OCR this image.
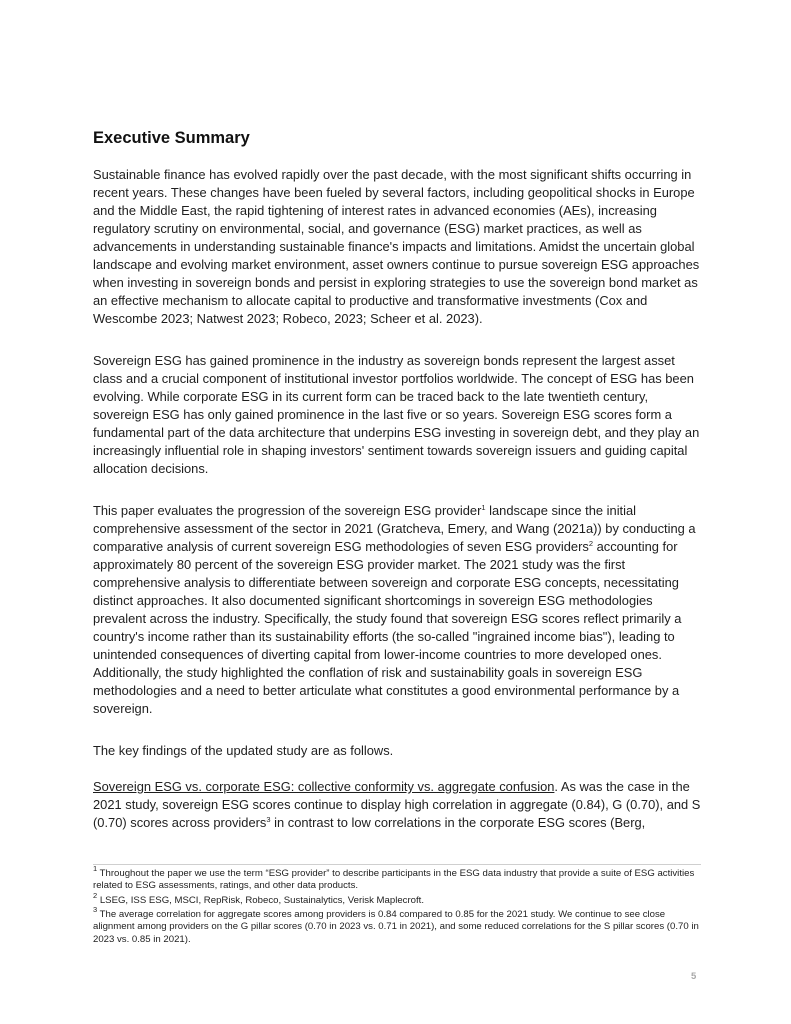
Executive Summary

Sustainable finance has evolved rapidly over the past decade, with the most significant shifts occurring in recent years. These changes have been fueled by several factors, including geopolitical shocks in Europe and the Middle East, the rapid tightening of interest rates in advanced economies (AEs), increasing regulatory scrutiny on environmental, social, and governance (ESG) market practices, as well as advancements in understanding sustainable finance's impacts and limitations. Amidst the uncertain global landscape and evolving market environment, asset owners continue to pursue sovereign ESG approaches when investing in sovereign bonds and persist in exploring strategies to use the sovereign bond market as an effective mechanism to allocate capital to productive and transformative investments (Cox and Wescombe 2023; Natwest 2023; Robeco, 2023; Scheer et al. 2023).

Sovereign ESG has gained prominence in the industry as sovereign bonds represent the largest asset class and a crucial component of institutional investor portfolios worldwide. The concept of ESG has been evolving. While corporate ESG in its current form can be traced back to the late twentieth century, sovereign ESG has only gained prominence in the last five or so years. Sovereign ESG scores form a fundamental part of the data architecture that underpins ESG investing in sovereign debt, and they play an increasingly influential role in shaping investors' sentiment towards sovereign issuers and guiding capital allocation decisions.

This paper evaluates the progression of the sovereign ESG provider$^1$ landscape since the initial comprehensive assessment of the sector in 2021 (Gratcheva, Emery, and Wang (2021a)) by conducting a comparative analysis of current sovereign ESG methodologies of seven ESG providers$^2$ accounting for approximately 80 percent of the sovereign ESG provider market. The 2021 study was the first comprehensive analysis to differentiate between sovereign and corporate ESG concepts, necessitating distinct approaches. It also documented significant shortcomings in sovereign ESG methodologies prevalent across the industry. Specifically, the study found that sovereign ESG scores reflect primarily a country's income rather than its sustainability efforts (the so-called "ingrained income bias"), leading to unintended consequences of diverting capital from lower-income countries to more developed ones. Additionally, the study highlighted the conflation of risk and sustainability goals in sovereign ESG methodologies and a need to better articulate what constitutes a good environmental performance by a sovereign.

The key findings of the updated study are as follows.

Sovereign ESG vs. corporate ESG: collective conformity vs. aggregate confusion. As was the case in the 2021 study, sovereign ESG scores continue to display high correlation in aggregate (0.84), G (0.70), and S (0.70) scores across providers$^3$ in contrast to low correlations in the corporate ESG scores (Berg,

$^1$ Throughout the paper we use the term “ESG provider” to describe participants in the ESG data industry that provide a suite of ESG activities related to ESG assessments, ratings, and other data products.

$^2$ LSEG, ISS ESG, MSCI, RepRisk, Robeco, Sustainalytics, Verisk Maplecroft.

$^3$ The average correlation for aggregate scores among providers is 0.84 compared to 0.85 for the 2021 study. We continue to see close alignment among providers on the G pillar scores (0.70 in 2023 vs. 0.71 in 2021), and some reduced correlations for the S pillar scores (0.70 in 2023 vs. 0.85 in 2021).

5
